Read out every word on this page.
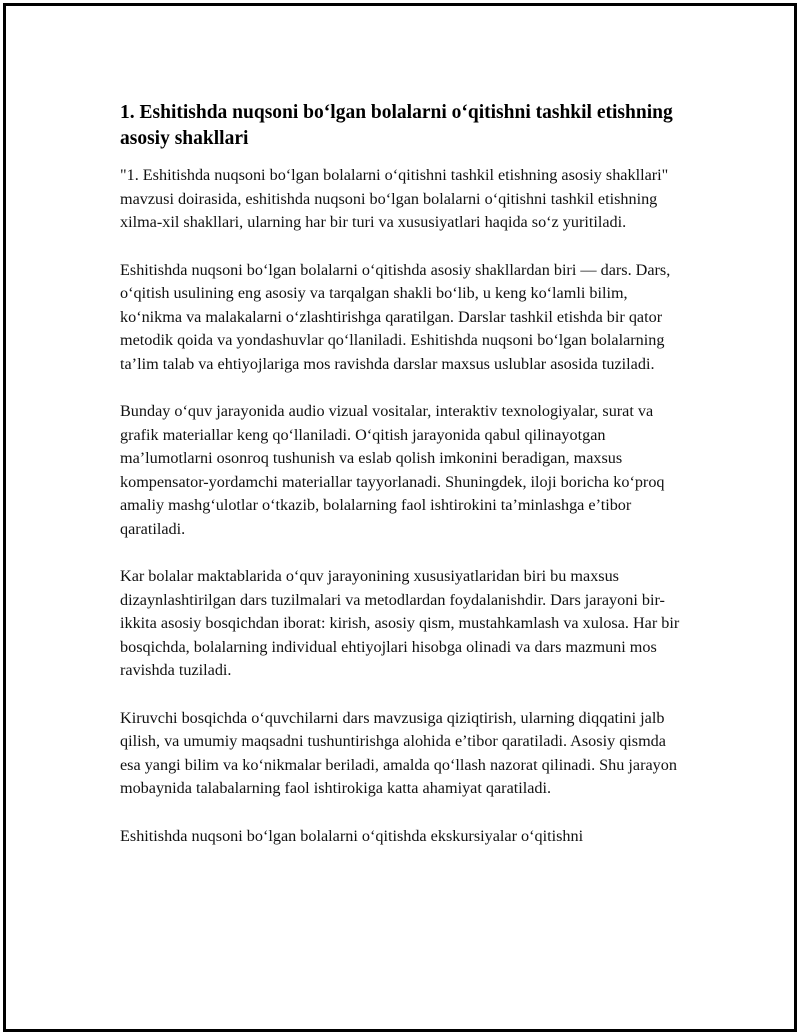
1. Eshitishda nuqsoni bo‘lgan bolalarni o‘qitishni tashkil etishning asosiy shakllari

"1. Eshitishda nuqsoni bo‘lgan bolalarni o‘qitishni tashkil etishning asosiy shakllari" mavzusi doirasida, eshitishda nuqsoni bo‘lgan bolalarni o‘qitishni tashkil etishning xilma-xil shakllari, ularning har bir turi va xususiyatlari haqida so‘z yuritiladi.

Eshitishda nuqsoni bo‘lgan bolalarni o‘qitishda asosiy shakllardan biri — dars. Dars, o‘qitish usulining eng asosiy va tarqalgan shakli bo‘lib, u keng ko‘lamli bilim, ko‘nikma va malakalarni o‘zlashtirishga qaratilgan. Darslar tashkil etishda bir qator metodik qoida va yondashuvlar qo‘llaniladi. Eshitishda nuqsoni bo‘lgan bolalarning ta’lim talab va ehtiyojlariga mos ravishda darslar maxsus uslublar asosida tuziladi.

Bunday o‘quv jarayonida audio vizual vositalar, interaktiv texnologiyalar, surat va grafik materiallar keng qo‘llaniladi. O‘qitish jarayonida qabul qilinayotgan ma’lumotlarni osonroq tushunish va eslab qolish imkonini beradigan, maxsus kompensator-yordamchi materiallar tayyorlanadi. Shuningdek, iloji boricha ko‘proq amaliy mashg‘ulotlar o‘tkazib, bolalarning faol ishtirokini ta’minlashga e’tibor qaratiladi.

Kar bolalar maktablarida o‘quv jarayonining xususiyatlaridan biri bu maxsus dizaynlashtirilgan dars tuzilmalari va metodlardan foydalanishdir. Dars jarayoni bir-ikkita asosiy bosqichdan iborat: kirish, asosiy qism, mustahkamlash va xulosa. Har bir bosqichda, bolalarning individual ehtiyojlari hisobga olinadi va dars mazmuni mos ravishda tuziladi.

Kiruvchi bosqichda o‘quvchilarni dars mavzusiga qiziqtirish, ularning diqqatini jalb qilish, va umumiy maqsadni tushuntirishga alohida e’tibor qaratiladi. Asosiy qismda esa yangi bilim va ko‘nikmalar beriladi, amalda qo‘llash nazorat qilinadi. Shu jarayon mobaynida talabalarning faol ishtirokiga katta ahamiyat qaratiladi.

Eshitishda nuqsoni bo‘lgan bolalarni o‘qitishda ekskursiyalar o‘qitishni
